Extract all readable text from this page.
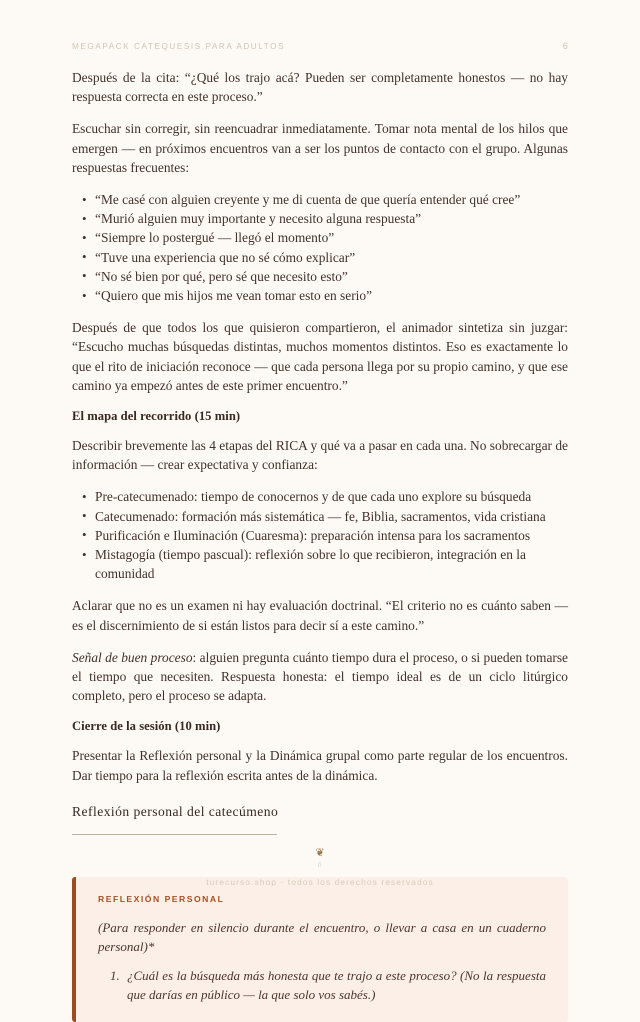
MEGAPACK CATEQUESIS PARA ADULTOS	6

Después de la cita: “¿Qué los trajo acá? Pueden ser completamente honestos — no hay respuesta correcta en este proceso.”

Escuchar sin corregir, sin reencuadrar inmediatamente. Tomar nota mental de los hilos que emergen — en próximos encuentros van a ser los puntos de contacto con el grupo. Algunas respuestas frecuentes:

• “Me casé con alguien creyente y me di cuenta de que quería entender qué cree”
• “Murió alguien muy importante y necesito alguna respuesta”
• “Siempre lo postergué — llegó el momento”
• “Tuve una experiencia que no sé cómo explicar”
• “No sé bien por qué, pero sé que necesito esto”
• “Quiero que mis hijos me vean tomar esto en serio”

Después de que todos los que quisieron compartieron, el animador sintetiza sin juzgar: “Escucho muchas búsquedas distintas, muchos momentos distintos. Eso es exactamente lo que el rito de iniciación reconoce — que cada persona llega por su propio camino, y que ese camino ya empezó antes de este primer encuentro.”

El mapa del recorrido (15 min)

Describir brevemente las 4 etapas del RICA y qué va a pasar en cada una. No sobrecargar de información — crear expectativa y confianza:

• Pre-catecumenado: tiempo de conocernos y de que cada uno explore su búsqueda
• Catecumenado: formación más sistemática — fe, Biblia, sacramentos, vida cristiana
• Purificación e Iluminación (Cuaresma): preparación intensa para los sacramentos
• Mistagogía (tiempo pascual): reflexión sobre lo que recibieron, integración en la comunidad

Aclarar que no es un examen ni hay evaluación doctrinal. “El criterio no es cuánto saben — es el discernimiento de si están listos para decir sí a este camino.”

Señal de buen proceso: alguien pregunta cuánto tiempo dura el proceso, o si pueden tomarse el tiempo que necesiten. Respuesta honesta: el tiempo ideal es de un ciclo litúrgico completo, pero el proceso se adapta.

Cierre de la sesión (10 min)

Presentar la Reflexión personal y la Dinámica grupal como parte regular de los encuentros. Dar tiempo para la reflexión escrita antes de la dinámica.

Reflexión personal del catecúmeno
❦
REFLEXIÓN PERSONAL

(Para responder en silencio durante el encuentro, o llevar a casa en un cuaderno personal)*

1. ¿Cuál es la búsqueda más honesta que te trajo a este proceso? (No la respuesta que darías en público — la que solo vos sabés.)
6
turecurso.shop · todos los derechos reservados
